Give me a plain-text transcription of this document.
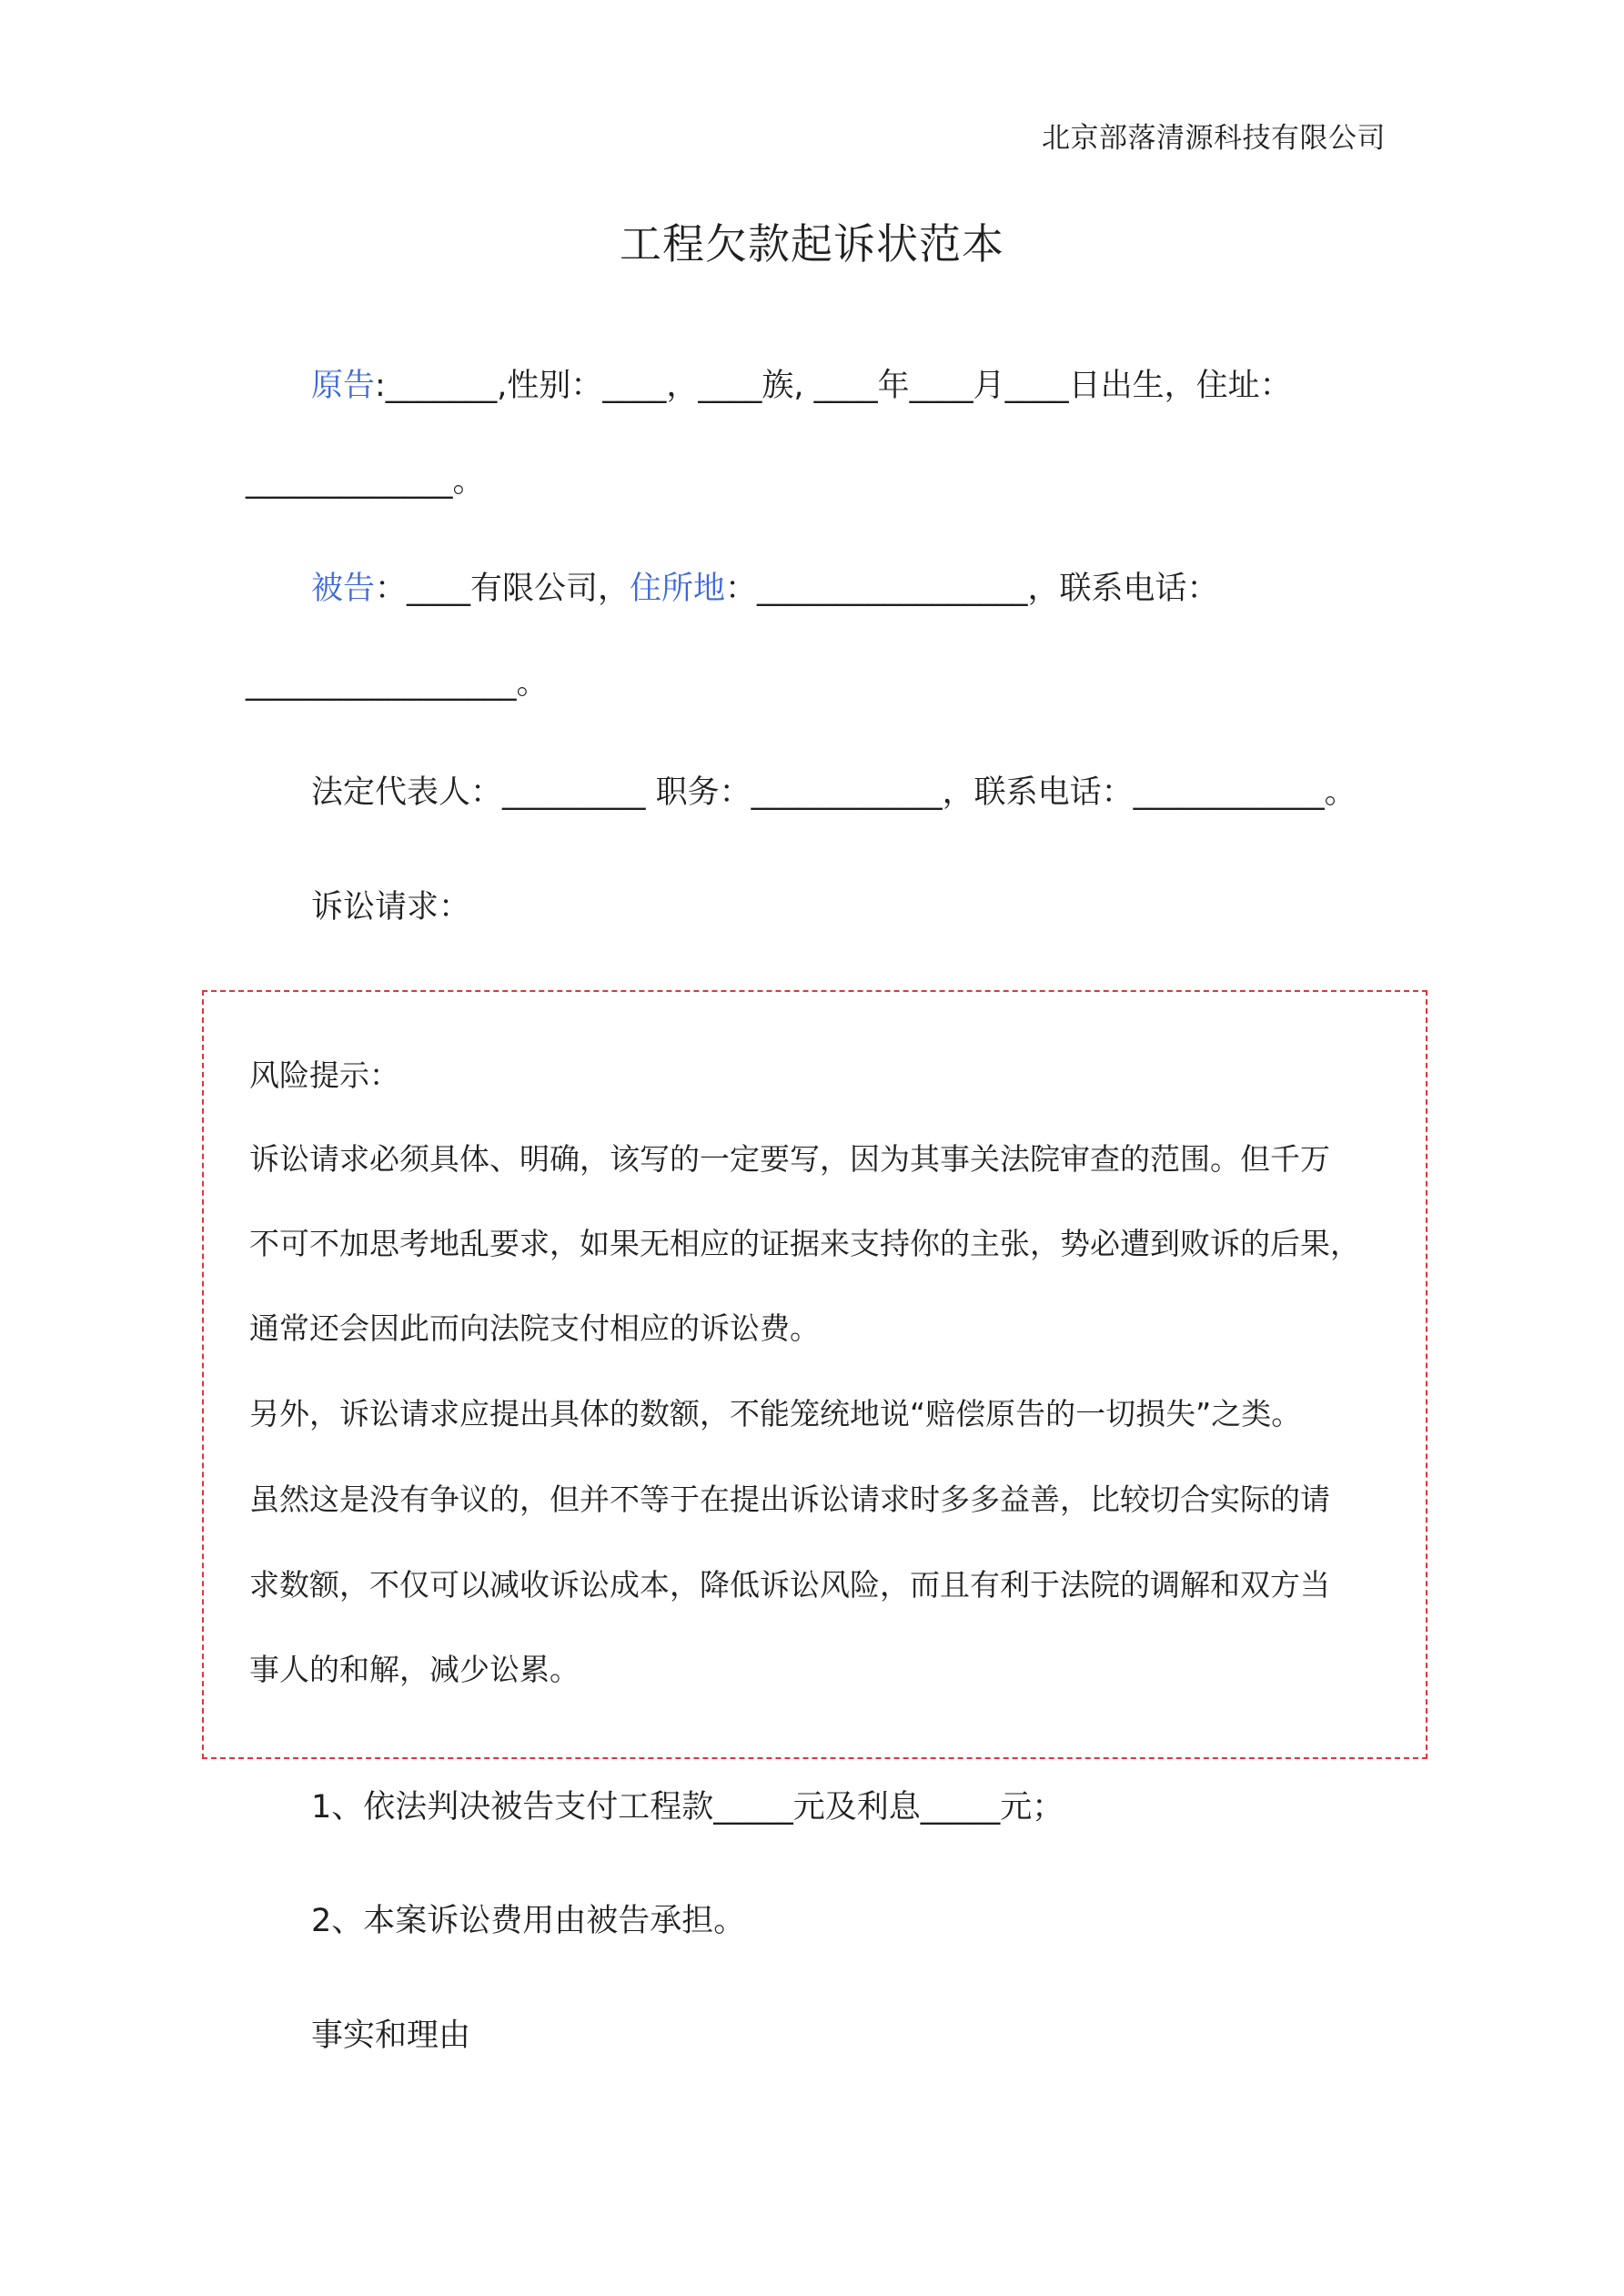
北京部落清源科技有限公司
工程欠款起诉状范本
原告:_______,性别：____，____族, ____年____月____日出生，住址：
_____________。
被告：____有限公司，住所地：_________________，联系电话：
_________________。
法定代表人：_________ 职务：____________，联系电话：____________。
诉讼请求：
风险提示：
诉讼请求必须具体、明确，该写的一定要写，因为其事关法院审查的范围。但千万
不可不加思考地乱要求，如果无相应的证据来支持你的主张，势必遭到败诉的后果，
通常还会因此而向法院支付相应的诉讼费。
另外，诉讼请求应提出具体的数额，不能笼统地说“赔偿原告的一切损失”之类。
虽然这是没有争议的，但并不等于在提出诉讼请求时多多益善，比较切合实际的请
求数额，不仅可以减收诉讼成本，降低诉讼风险，而且有利于法院的调解和双方当
事人的和解，减少讼累。
1、依法判决被告支付工程款_____元及利息_____元；
2、本案诉讼费用由被告承担。
事实和理由
